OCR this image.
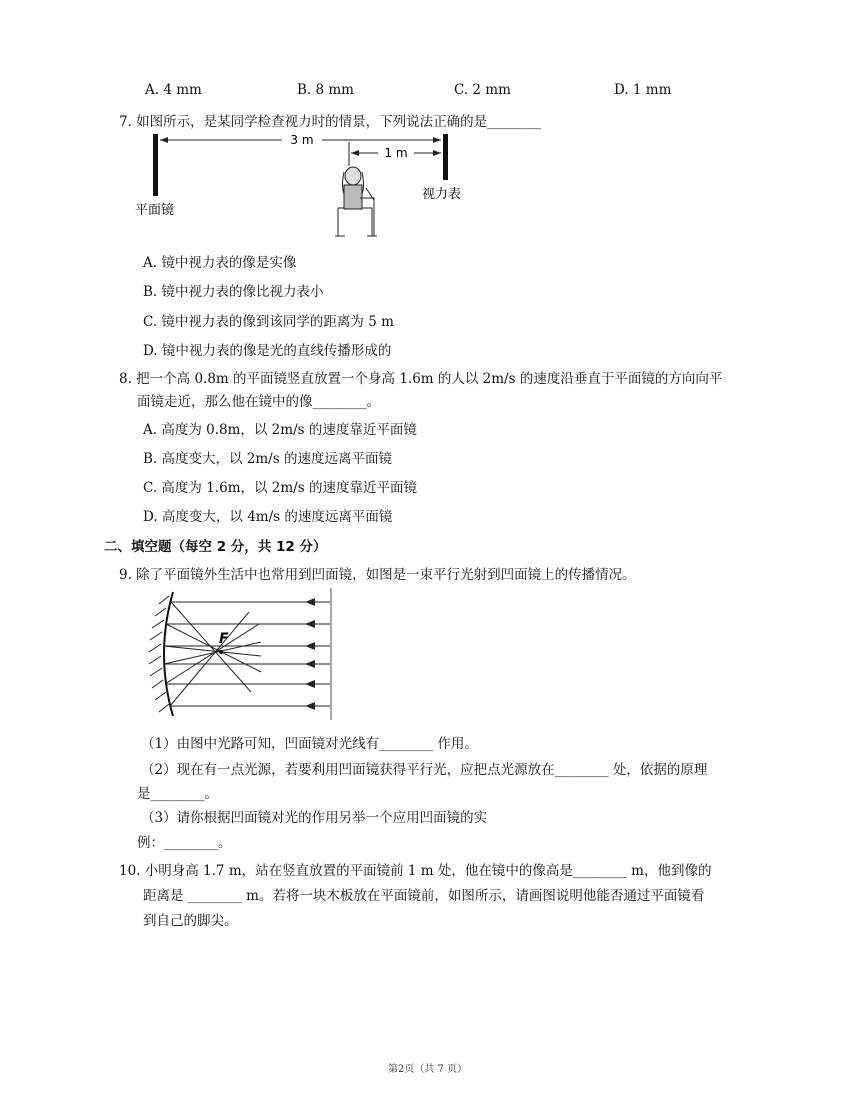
A. 4 mm	B. 8 mm	C. 2 mm	D. 1 mm
7. 如图所示，是某同学检查视力时的情景，下列说法正确的是________
3 m
1 m
平面镜
视力表
A. 镜中视力表的像是实像
B. 镜中视力表的像比视力表小
C. 镜中视力表的像到该同学的距离为 5 m
D. 镜中视力表的像是光的直线传播形成的
8. 把一个高 0.8m 的平面镜竖直放置一个身高 1.6m 的人以 2m/s 的速度沿垂直于平面镜的方向向平
面镜走近，那么他在镜中的像________。
A. 高度为 0.8m，以 2m/s 的速度靠近平面镜
B. 高度变大，以 2m/s 的速度远离平面镜
C. 高度为 1.6m，以 2m/s 的速度靠近平面镜
D. 高度变大，以 4m/s 的速度远离平面镜
二、填空题（每空 2 分，共 12 分）
9. 除了平面镜外生活中也常用到凹面镜，如图是一束平行光射到凹面镜上的传播情况。
F
（1）由图中光路可知，凹面镜对光线有________ 作用。
（2）现在有一点光源，若要利用凹面镜获得平行光，应把点光源放在________ 处，依据的原理
是________。
（3）请你根据凹面镜对光的作用另举一个应用凹面镜的实
例：________。
10. 小明身高 1.7 m，站在竖直放置的平面镜前 1 m 处，他在镜中的像高是________ m，他到像的
距离是 ________ m。若将一块木板放在平面镜前，如图所示，请画图说明他能否通过平面镜看
到自己的脚尖。
第2页（共 7 页）
